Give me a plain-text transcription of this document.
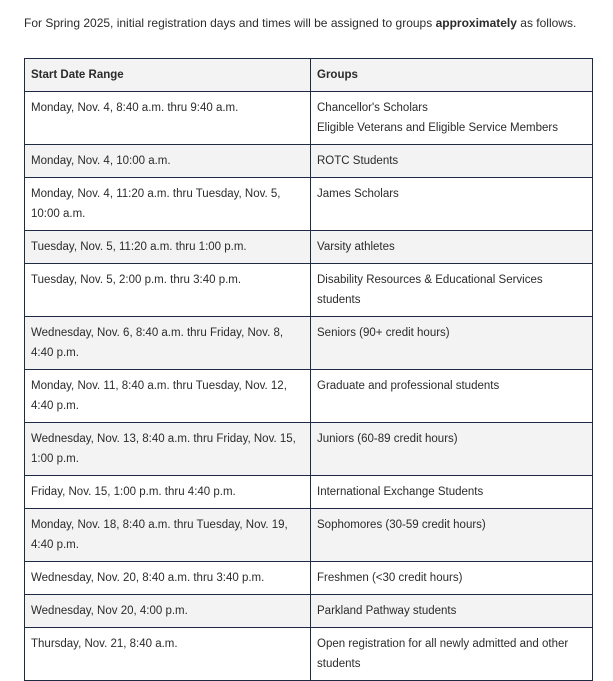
For Spring 2025, initial registration days and times will be assigned to groups approximately as follows.

Start Date Range	Groups
Monday, Nov. 4, 8:40 a.m. thru 9:40 a.m.	Chancellor's Scholars
Eligible Veterans and Eligible Service Members

Monday, Nov. 4, 10:00 a.m.	ROTC Students

Monday, Nov. 4, 11:20 a.m. thru Tuesday, Nov. 5, 10:00 a.m.	James Scholars

Tuesday, Nov. 5, 11:20 a.m. thru 1:00 p.m.	Varsity athletes

Tuesday, Nov. 5, 2:00 p.m. thru 3:40 p.m.	Disability Resources & Educational Services students

Wednesday, Nov. 6, 8:40 a.m. thru Friday, Nov. 8, 4:40 p.m.	Seniors (90+ credit hours)

Monday, Nov. 11, 8:40 a.m. thru Tuesday, Nov. 12, 4:40 p.m.	Graduate and professional students

Wednesday, Nov. 13, 8:40 a.m. thru Friday, Nov. 15, 1:00 p.m.	Juniors (60-89 credit hours)

Friday, Nov. 15, 1:00 p.m. thru 4:40 p.m.	International Exchange Students

Monday, Nov. 18, 8:40 a.m. thru Tuesday, Nov. 19, 4:40 p.m.	Sophomores (30-59 credit hours)

Wednesday, Nov. 20, 8:40 a.m. thru 3:40 p.m.	Freshmen (<30 credit hours)

Wednesday, Nov 20, 4:00 p.m.	Parkland Pathway students

Thursday, Nov. 21, 8:40 a.m.	Open registration for all newly admitted and other students
